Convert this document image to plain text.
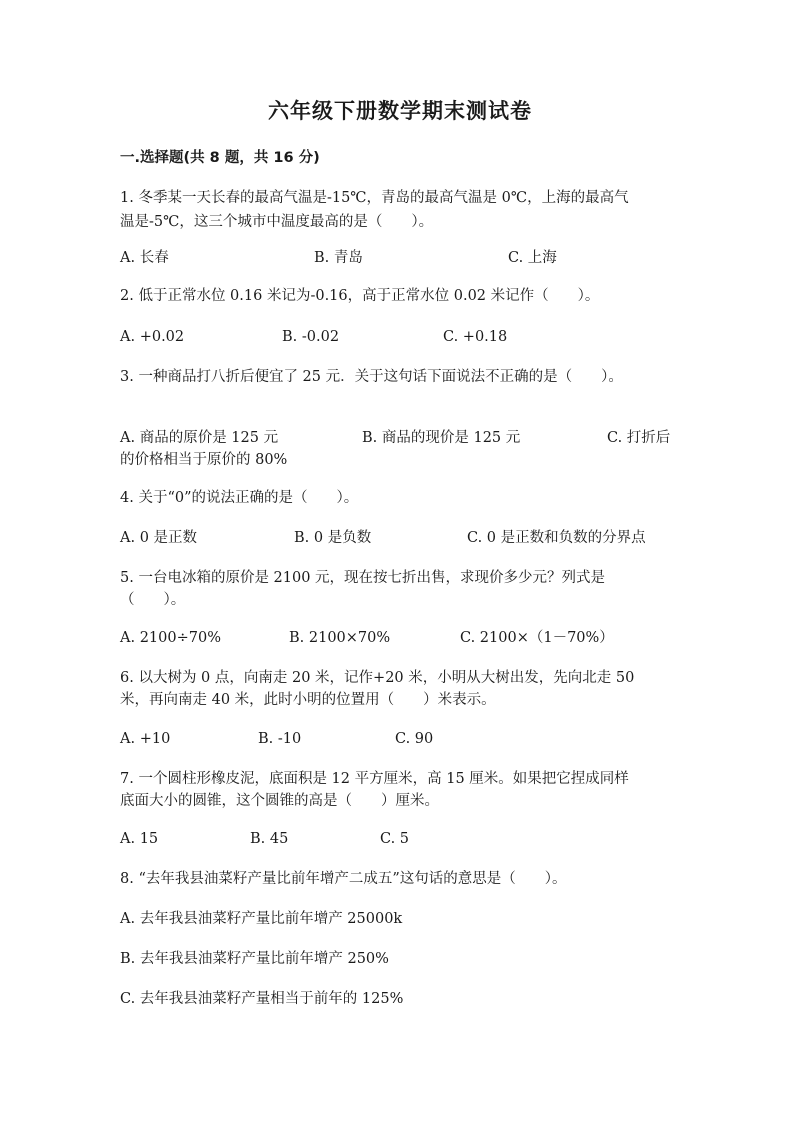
六年级下册数学期末测试卷
一.选择题(共 8 题，共 16 分)
1. 冬季某一天长春的最高气温是-15℃，青岛的最高气温是 0℃，上海的最高气
温是-5℃，这三个城市中温度最高的是（　　）。
A. 长春	B. 青岛	C. 上海
2. 低于正常水位 0.16 米记为-0.16，高于正常水位 0.02 米记作（　　）。
A. +0.02	B. -0.02	C. +0.18
3. 一种商品打八折后便宜了 25 元．关于这句话下面说法不正确的是（　　）。
A. 商品的原价是 125 元	B. 商品的现价是 125 元	C. 打折后
的价格相当于原价的 80%
4. 关于“0”的说法正确的是（　　）。
A. 0 是正数	B. 0 是负数	C. 0 是正数和负数的分界点
5. 一台电冰箱的原价是 2100 元，现在按七折出售，求现价多少元？列式是
（　　）。
A. 2100÷70%	B. 2100×70%	C. 2100×（1－70%）
6. 以大树为 0 点，向南走 20 米，记作+20 米，小明从大树出发，先向北走 50
米，再向南走 40 米，此时小明的位置用（　　）米表示。
A. +10	B. -10	C. 90
7. 一个圆柱形橡皮泥，底面积是 12 平方厘米，高 15 厘米。如果把它捏成同样
底面大小的圆锥，这个圆锥的高是（　　）厘米。
A. 15	B. 45	C. 5
8. “去年我县油菜籽产量比前年增产二成五”这句话的意思是（　　）。
A. 去年我县油菜籽产量比前年增产 25000k
B. 去年我县油菜籽产量比前年增产 250%
C. 去年我县油菜籽产量相当于前年的 125%
